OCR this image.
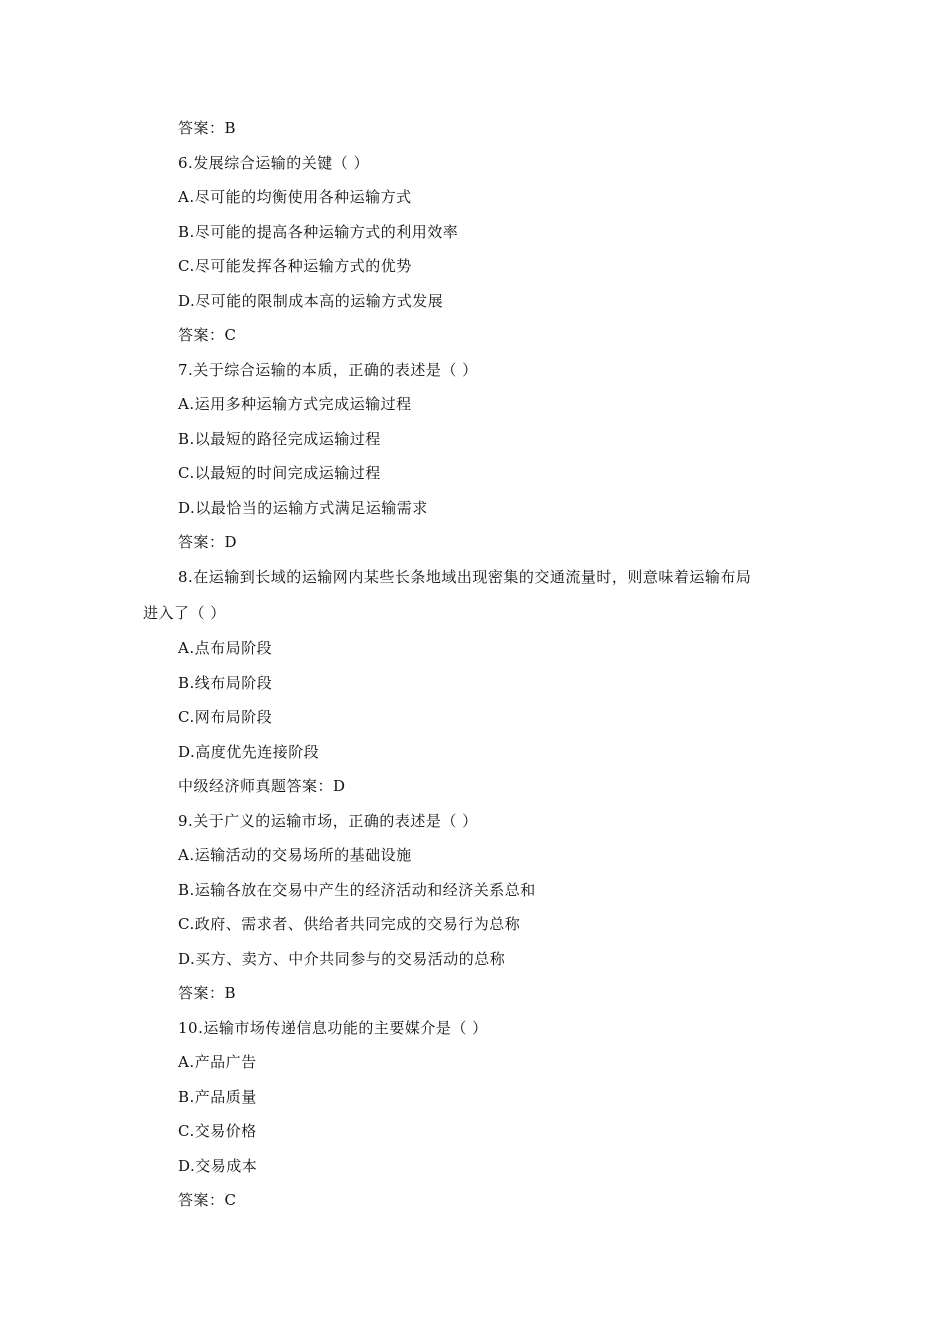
答案：B
6.发展综合运输的关键（ ）
A.尽可能的均衡使用各种运输方式
B.尽可能的提高各种运输方式的利用效率
C.尽可能发挥各种运输方式的优势
D.尽可能的限制成本高的运输方式发展
答案：C
7.关于综合运输的本质，正确的表述是（ ）
A.运用多种运输方式完成运输过程
B.以最短的路径完成运输过程
C.以最短的时间完成运输过程
D.以最恰当的运输方式满足运输需求
答案：D
8.在运输到长域的运输网内某些长条地域出现密集的交通流量时，则意味着运输布局
进入了（ ）
A.点布局阶段
B.线布局阶段
C.网布局阶段
D.高度优先连接阶段
中级经济师真题答案：D
9.关于广义的运输市场，正确的表述是（ ）
A.运输活动的交易场所的基础设施
B.运输各放在交易中产生的经济活动和经济关系总和
C.政府、需求者、供给者共同完成的交易行为总称
D.买方、卖方、中介共同参与的交易活动的总称
答案：B
10.运输市场传递信息功能的主要媒介是（ ）
A.产品广告
B.产品质量
C.交易价格
D.交易成本
答案：C
